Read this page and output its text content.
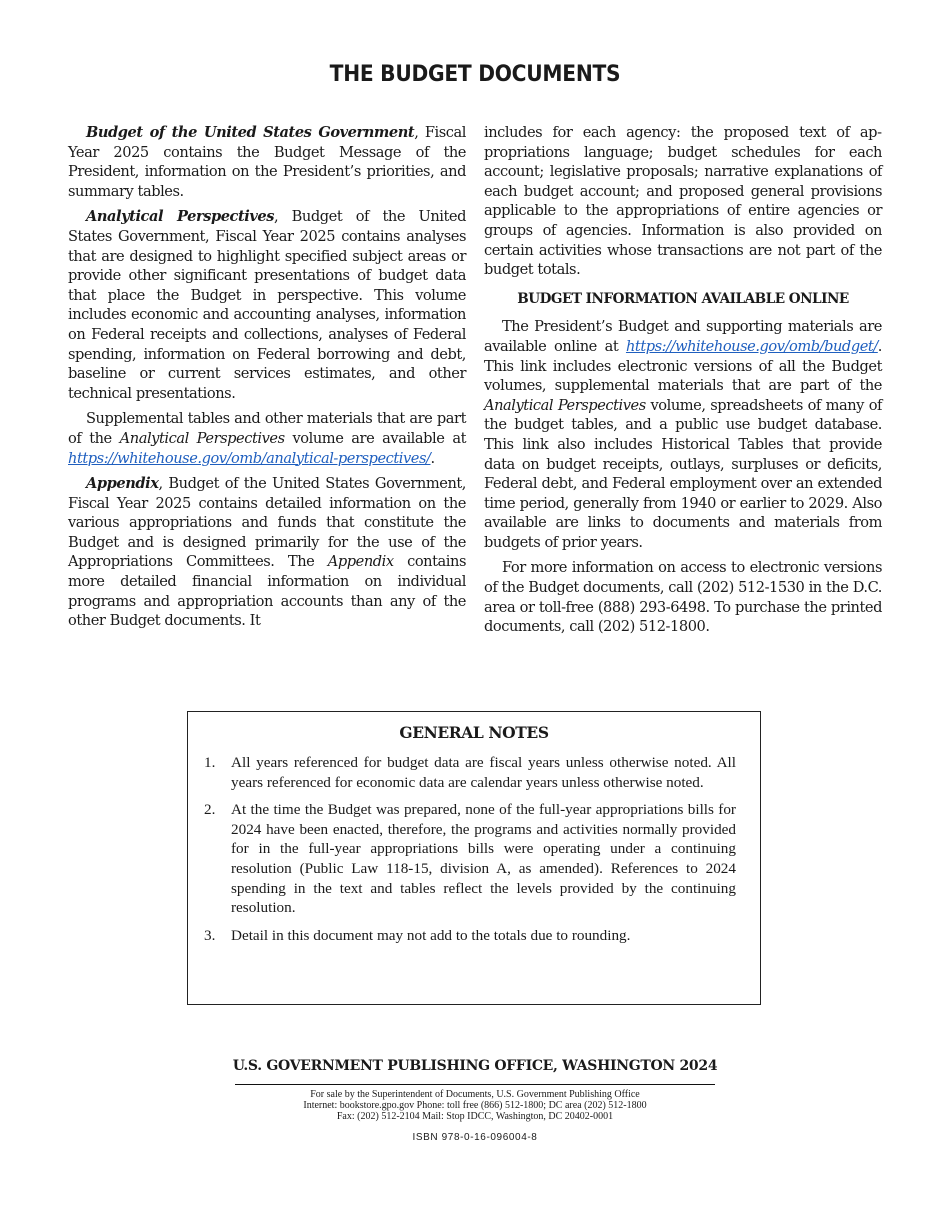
THE BUDGET DOCUMENTS

Budget of the United States Government, Fiscal Year 2025 contains the Budget Message of the President, information on the President’s priorities, and summary tables.

Analytical Perspectives, Budget of the United States Government, Fiscal Year 2025 contains analyses that are designed to highlight specified subject areas or provide other significant presentations of budget data that place the Budget in perspective. This volume includes economic and accounting analyses, information on Federal receipts and collections, analyses of Federal spending, information on Federal borrowing and debt, baseline or current services estimates, and other technical presentations.

Supplemental tables and other materials that are part of the Analytical Perspectives volume are available at https://whitehouse.gov/omb/analytical-perspectives/.

Appendix, Budget of the United States Government, Fiscal Year 2025 contains detailed information on the various appropriations and funds that constitute the Budget and is designed primarily for the use of the Appropriations Committees. The Appendix contains more detailed financial information on individual programs and appropriation accounts than any of the other Budget documents. It

includes for each agency: the proposed text of appropriations language; budget schedules for each account; legislative proposals; narrative explanations of each budget account; and proposed general provisions applicable to the appropriations of entire agencies or groups of agencies. Information is also provided on certain activities whose transactions are not part of the budget totals.

BUDGET INFORMATION AVAILABLE ONLINE

The President’s Budget and supporting materials are available online at https://whitehouse.gov/omb/budget/. This link includes electronic versions of all the Budget volumes, supplemental materials that are part of the Analytical Perspectives volume, spreadsheets of many of the budget tables, and a public use budget database. This link also includes Historical Tables that provide data on budget receipts, outlays, surpluses or deficits, Federal debt, and Federal employment over an extended time period, generally from 1940 or earlier to 2029. Also available are links to documents and materials from budgets of prior years.

For more information on access to electronic versions of the Budget documents, call (202) 512-1530 in the D.C. area or toll-free (888) 293-6498. To purchase the printed documents, call (202) 512-1800.

GENERAL NOTES
1.	All years referenced for budget data are fiscal years unless otherwise noted. All years referenced for economic data are calendar years unless otherwise noted.
2.	At the time the Budget was prepared, none of the full-year appropriations bills for 2024 have been enacted, therefore, the programs and activities normally provided for in the full-year appropriations bills were operating under a continuing resolution (Public Law 118-15, division A, as amended). References to 2024 spending in the text and tables reflect the levels provided by the continuing resolution.
3.	Detail in this document may not add to the totals due to rounding.
U.S. GOVERNMENT PUBLISHING OFFICE, WASHINGTON 2024
For sale by the Superintendent of Documents, U.S. Government Publishing Office
Internet: bookstore.gpo.gov Phone: toll free (866) 512-1800; DC area (202) 512-1800
Fax: (202) 512-2104 Mail: Stop IDCC, Washington, DC 20402-0001
ISBN 978-0-16-096004-8
